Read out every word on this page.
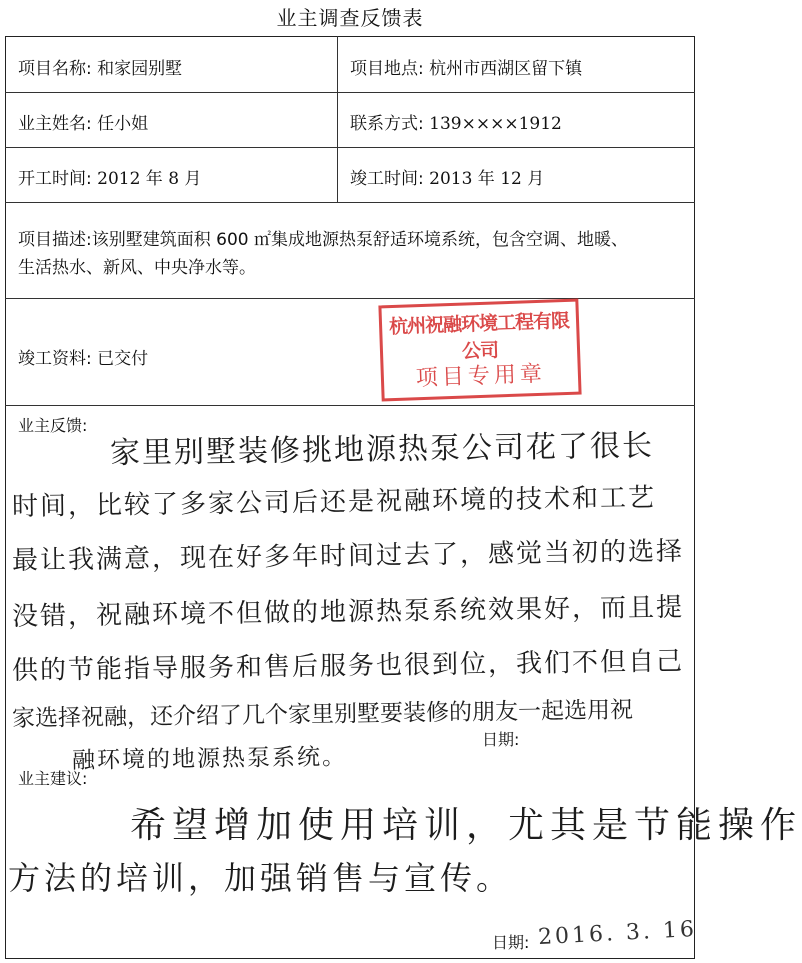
业主调查反馈表
项目名称: 和家园别墅	项目地点: 杭州市西湖区留下镇
业主姓名: 任小姐	联系方式: 139××××1912
开工时间: 2012 年 8 月	竣工时间: 2013 年 12 月
项目描述:该别墅建筑面积 600 ㎡集成地源热泵舒适环境系统，包含空调、地暖、
生活热水、新风、中央净水等。
竣工资料: 已交付
杭州祝融环境工程有限公司
项目专用章
业主反馈:
家里别墅装修挑地源热泵公司花了很长
时间，比较了多家公司后还是祝融环境的技术和工艺
最让我满意，现在好多年时间过去了，感觉当初的选择
没错，祝融环境不但做的地源热泵系统效果好，而且提
供的节能指导服务和售后服务也很到位，我们不但自己
家选择祝融，还介绍了几个家里别墅要装修的朋友一起选用祝
融环境的地源热泵系统。
日期:
业主建议:
希望增加使用培训，尤其是节能操作
方法的培训，加强销售与宣传。
日期: 2016. 3. 16
